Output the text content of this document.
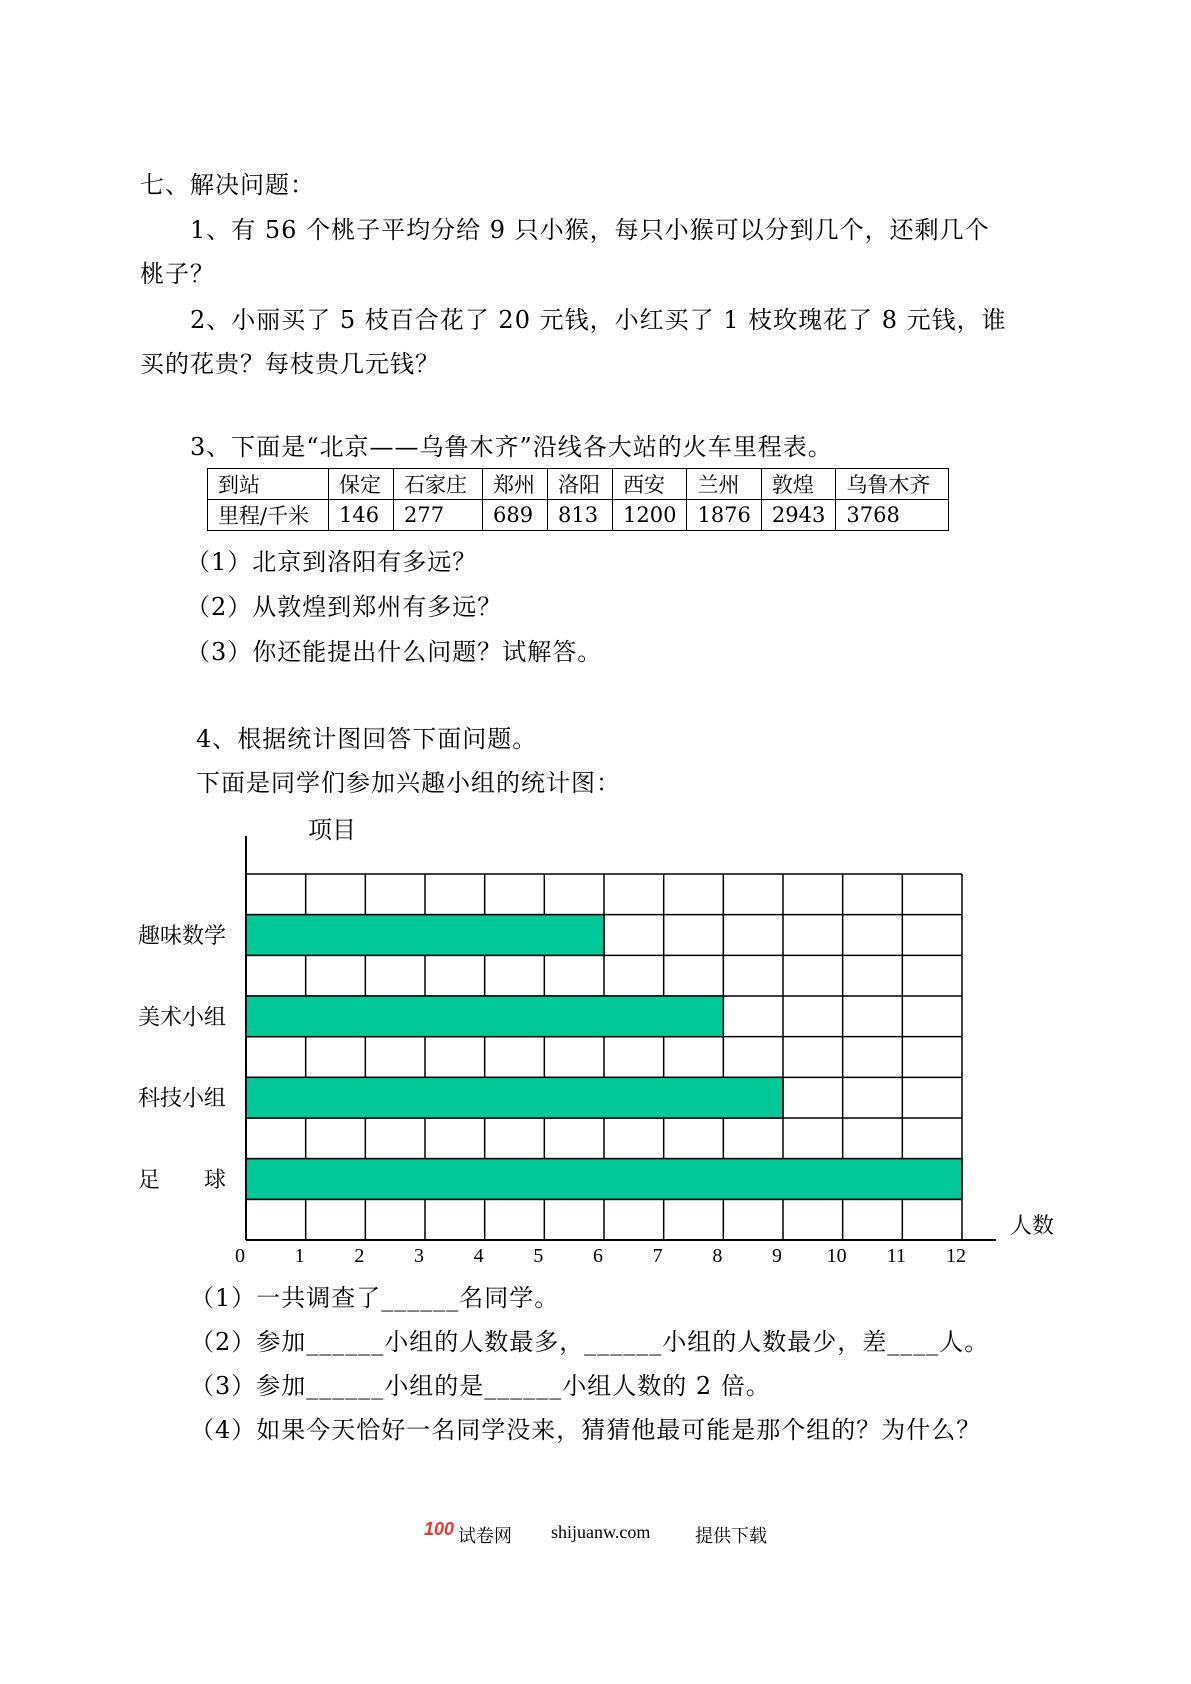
七、解决问题：
1、有 56 个桃子平均分给 9 只小猴，每只小猴可以分到几个，还剩几个
桃子？
2、小丽买了 5 枝百合花了 20 元钱，小红买了 1 枝玫瑰花了 8 元钱，谁
买的花贵？每枝贵几元钱？
3、下面是“北京——乌鲁木齐”沿线各大站的火车里程表。
到站	保定	石家庄	郑州	洛阳	西安	兰州	敦煌	乌鲁木齐
里程/千米	146	277	689	813	1200	1876	2943	3768
（1）北京到洛阳有多远？
（2）从敦煌到郑州有多远？
（3）你还能提出什么问题？试解答。
4、根据统计图回答下面问题。
下面是同学们参加兴趣小组的统计图：
趣味数学
美术小组
科技小组
足　　球
0 1 2 3 4 5 6 7 8 9 10 11 12
项目
人数
（1）一共调查了______名同学。
（2）参加______小组的人数最多，______小组的人数最少，差____人。
（3）参加______小组的是______小组人数的 2 倍。
（4）如果今天恰好一名同学没来，猜猜他最可能是那个组的？为什么？
100 试卷网 shijuanw.com 提供下载
